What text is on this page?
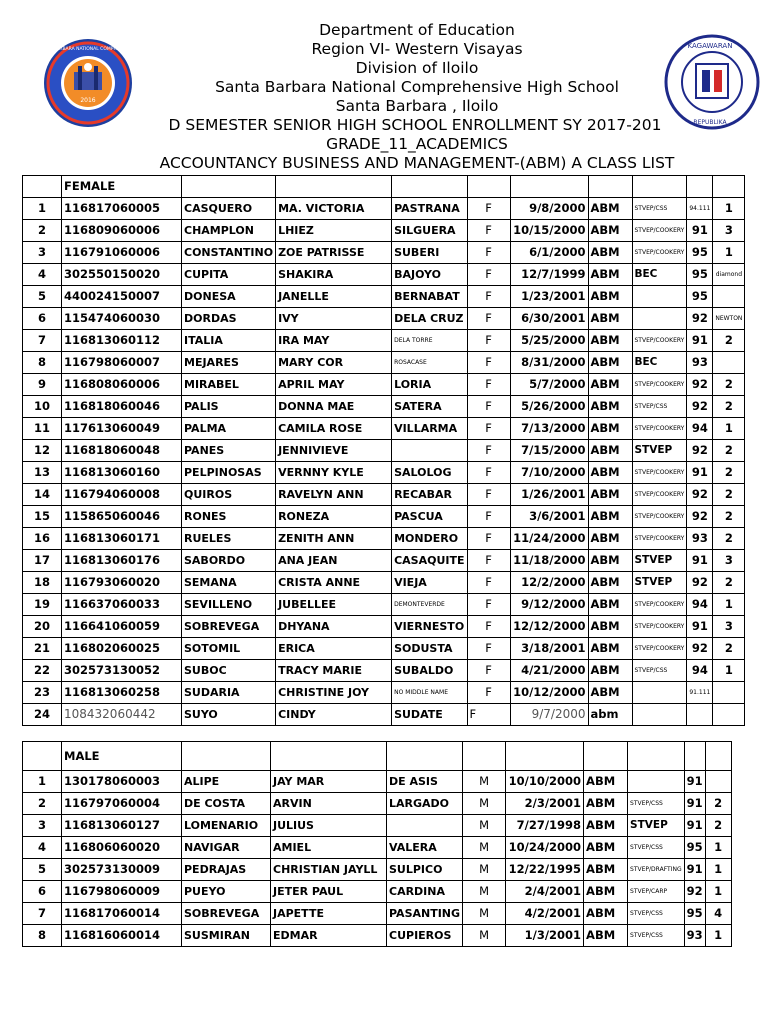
2016
SANTA BARBARA NATIONAL COMPREHENSIVE	KAGAWARAN
REPUBLIKA
Department of Education
Region VI- Western Visayas
Division of Iloilo
Santa Barbara National Comprehensive High School
Santa Barbara , Iloilo
D SEMESTER SENIOR HIGH SCHOOL ENROLLMENT SY 2017-201
GRADE_11_ACADEMICS
ACCOUNTANCY BUSINESS AND MANAGEMENT-(ABM) A CLASS LIST
	FEMALE									
1	116817060005	CASQUERO	MA. VICTORIA	PASTRANA	F	9/8/2000	ABM	STVEP/CSS	94.111	1
2	116809060006	CHAMPLON	LHIEZ	SILGUERA	F	10/15/2000	ABM	STVEP/COOKERY	91	3
3	116791060006	CONSTANTINO	ZOE PATRISSE	SUBERI	F	6/1/2000	ABM	STVEP/COOKERY	95	1
4	302550150020	CUPITA	SHAKIRA	BAJOYO	F	12/7/1999	ABM	BEC	95	diamond
5	440024150007	DONESA	JANELLE	BERNABAT	F	1/23/2001	ABM		95	
6	115474060030	DORDAS	IVY	DELA CRUZ	F	6/30/2001	ABM		92	NEWTON
7	116813060112	ITALIA	IRA MAY	DELA TORRE	F	5/25/2000	ABM	STVEP/COOKERY	91	2
8	116798060007	MEJARES	MARY COR	ROSACASE	F	8/31/2000	ABM	BEC	93	
9	116808060006	MIRABEL	APRIL MAY	LORIA	F	5/7/2000	ABM	STVEP/COOKERY	92	2
10	116818060046	PALIS	DONNA MAE	SATERA	F	5/26/2000	ABM	STVEP/CSS	92	2
11	117613060049	PALMA	CAMILA ROSE	VILLARMA	F	7/13/2000	ABM	STVEP/COOKERY	94	1
12	116818060048	PANES	JENNIVIEVE		F	7/15/2000	ABM	STVEP	92	2
13	116813060160	PELPINOSAS	VERNNY KYLE	SALOLOG	F	7/10/2000	ABM	STVEP/COOKERY	91	2
14	116794060008	QUIROS	RAVELYN ANN	RECABAR	F	1/26/2001	ABM	STVEP/COOKERY	92	2
15	115865060046	RONES	RONEZA	PASCUA	F	3/6/2001	ABM	STVEP/COOKERY	92	2
16	116813060171	RUELES	ZENITH ANN	MONDERO	F	11/24/2000	ABM	STVEP/COOKERY	93	2
17	116813060176	SABORDO	ANA JEAN	CASAQUITE	F	11/18/2000	ABM	STVEP	91	3
18	116793060020	SEMANA	CRISTA ANNE	VIEJA	F	12/2/2000	ABM	STVEP	92	2
19	116637060033	SEVILLENO	JUBELLEE	DEMONTEVERDE	F	9/12/2000	ABM	STVEP/COOKERY	94	1
20	116641060059	SOBREVEGA	DHYANA	VIERNESTO	F	12/12/2000	ABM	STVEP/COOKERY	91	3
21	116802060025	SOTOMIL	ERICA	SODUSTA	F	3/18/2001	ABM	STVEP/COOKERY	92	2
22	302573130052	SUBOC	TRACY MARIE	SUBALDO	F	4/21/2000	ABM	STVEP/CSS	94	1
23	116813060258	SUDARIA	CHRISTINE JOY	NO MIDDLE NAME	F	10/12/2000	ABM		91.111	
24	108432060442	SUYO	CINDY	SUDATE	F	9/7/2000	abm			
	MALE									
1	130178060003	ALIPE	JAY MAR	DE ASIS	M	10/10/2000	ABM		91	
2	116797060004	DE COSTA	ARVIN	LARGADO	M	2/3/2001	ABM	STVEP/CSS	91	2
3	116813060127	LOMENARIO	JULIUS		M	7/27/1998	ABM	STVEP	91	2
4	116806060020	NAVIGAR	AMIEL	VALERA	M	10/24/2000	ABM	STVEP/CSS	95	1
5	302573130009	PEDRAJAS	CHRISTIAN JAYLL	SULPICO	M	12/22/1995	ABM	STVEP/DRAFTING	91	1
6	116798060009	PUEYO	JETER PAUL	CARDINA	M	2/4/2001	ABM	STVEP/CARP	92	1
7	116817060014	SOBREVEGA	JAPETTE	PASANTING	M	4/2/2001	ABM	STVEP/CSS	95	4
8	116816060014	SUSMIRAN	EDMAR	CUPIEROS	M	1/3/2001	ABM	STVEP/CSS	93	1
